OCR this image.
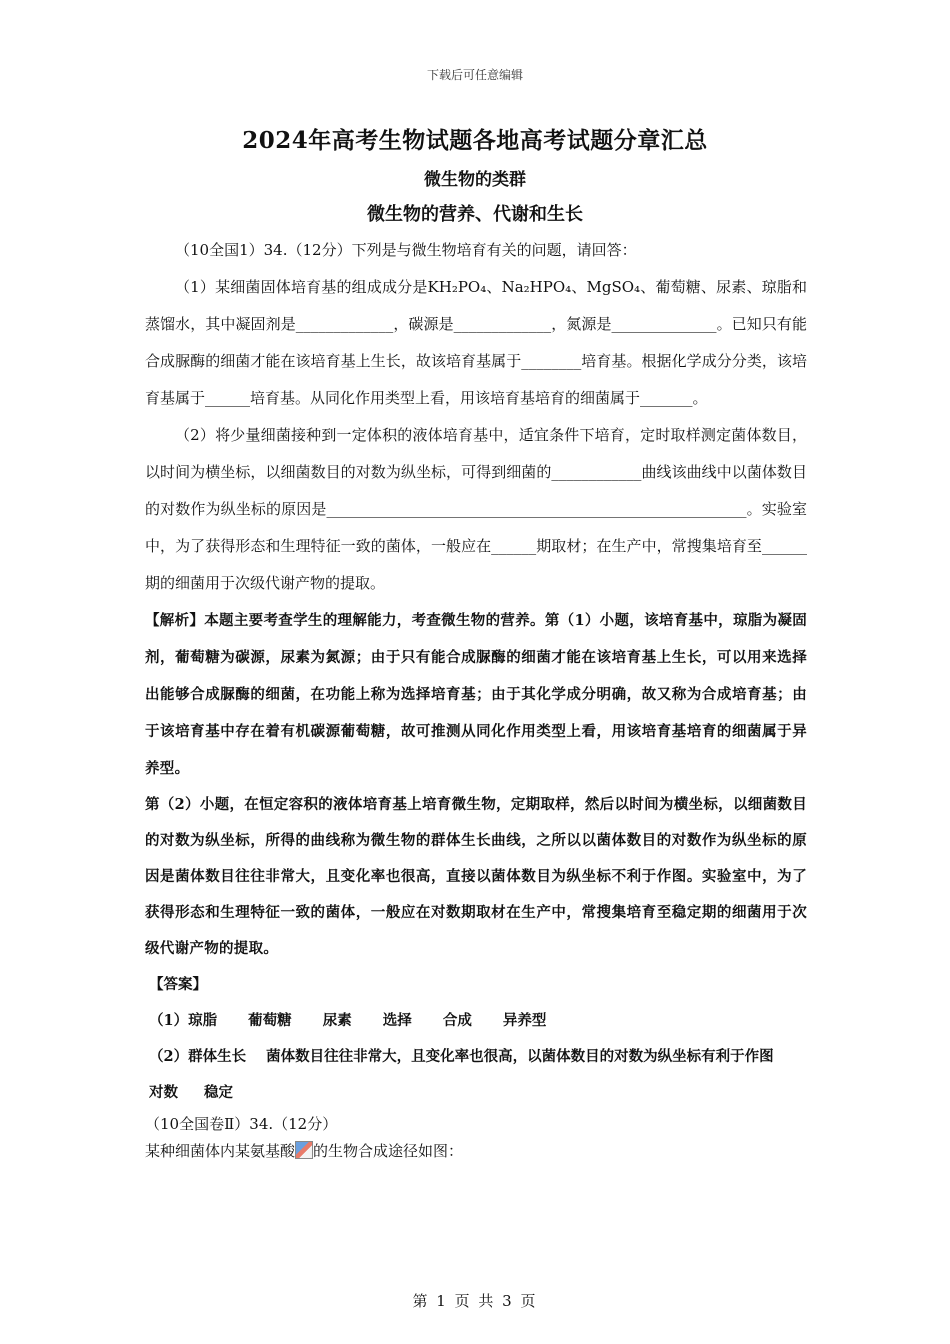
下载后可任意编辑
2024年高考生物试题各地高考试题分章汇总
微生物的类群
微生物的营养、代谢和生长

（10全国1）34.（12分）下列是与微生物培育有关的问题，请回答：

（1）某细菌固体培育基的组成成分是KH₂PO₄、Na₂HPO₄、MgSO₄、葡萄糖、尿素、琼脂和蒸馏水，其中凝固剂是_____________，碳源是_____________，氮源是______________。已知只有能合成脲酶的细菌才能在该培育基上生长，故该培育基属于________培育基。根据化学成分分类，该培育基属于______培育基。从同化作用类型上看，用该培育基培育的细菌属于_______。

（2）将少量细菌接种到一定体积的液体培育基中，适宜条件下培育，定时取样测定菌体数目，以时间为横坐标，以细菌数目的对数为纵坐标，可得到细菌的____________曲线该曲线中以菌体数目的对数作为纵坐标的原因是________________________________________________________。实验室中，为了获得形态和生理特征一致的菌体，一般应在______期取材；在生产中，常搜集培育至______期的细菌用于次级代谢产物的提取。

【解析】本题主要考查学生的理解能力，考查微生物的营养。第（1）小题，该培育基中，琼脂为凝固剂，葡萄糖为碳源，尿素为氮源；由于只有能合成脲酶的细菌才能在该培育基上生长，可以用来选择出能够合成脲酶的细菌，在功能上称为选择培育基；由于其化学成分明确，故又称为合成培育基；由于该培育基中存在着有机碳源葡萄糖，故可推测从同化作用类型上看，用该培育基培育的细菌属于异养型。

第（2）小题，在恒定容积的液体培育基上培育微生物，定期取样，然后以时间为横坐标，以细菌数目的对数为纵坐标，所得的曲线称为微生物的群体生长曲线，之所以以菌体数目的对数作为纵坐标的原因是菌体数目往往非常大，且变化率也很高，直接以菌体数目为纵坐标不利于作图。实验室中，为了获得形态和生理特征一致的菌体，一般应在对数期取材在生产中，常搜集培育至稳定期的细菌用于次级代谢产物的提取。

【答案】

（1）琼脂 葡萄糖 尿素 选择 合成 异养型

（2）群体生长 菌体数目往往非常大，且变化率也很高，以菌体数目的对数为纵坐标有利于作图对数 稳定

（10全国卷Ⅱ）34.（12分）

某种细菌体内某氨基酸 的生物合成途径如图：

第 1 页 共 3 页
